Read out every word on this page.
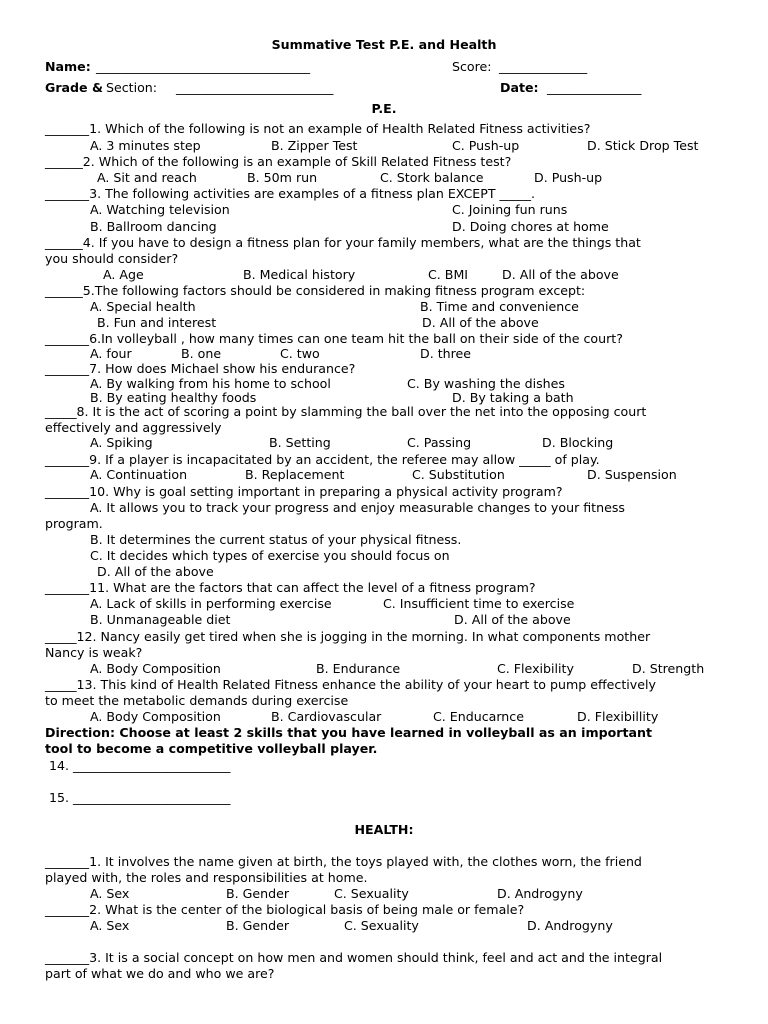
Summative Test P.E. and Health
Name: __________________________________	Score: ______________
Grade & Section: _________________________	Date: _______________
P.E.
_______1. Which of the following is not an example of Health Related Fitness activities?
A. 3 minutes step	B. Zipper Test	C. Push-up	D. Stick Drop Test
______2. Which of the following is an example of Skill Related Fitness test?
A. Sit and reach	B. 50m run	C. Stork balance	D. Push-up
_______3. The following activities are examples of a fitness plan EXCEPT _____.
A. Watching television	C. Joining fun runs
B. Ballroom dancing	D. Doing chores at home
______4. If you have to design a fitness plan for your family members, what are the things that
you should consider?
A. Age	B. Medical history	C. BMI	D. All of the above
______5.The following factors should be considered in making fitness program except:
A. Special health	B. Time and convenience
B. Fun and interest	D. All of the above
_______6.In volleyball , how many times can one team hit the ball on their side of the court?
A. four	B. one	C. two	D. three
_______7. How does Michael show his endurance?
A. By walking from his home to school	C. By washing the dishes
B. By eating healthy foods	D. By taking a bath
_____8. It is the act of scoring a point by slamming the ball over the net into the opposing court
effectively and aggressively
A. Spiking	B. Setting	C. Passing	D. Blocking
_______9. If a player is incapacitated by an accident, the referee may allow _____ of play.
A. Continuation	B. Replacement	C. Substitution	D. Suspension
_______10. Why is goal setting important in preparing a physical activity program?
A. It allows you to track your progress and enjoy measurable changes to your fitness
program.
B. It determines the current status of your physical fitness.
C. It decides which types of exercise you should focus on
D. All of the above
_______11. What are the factors that can affect the level of a fitness program?
A. Lack of skills in performing exercise	C. Insufficient time to exercise
B. Unmanageable diet	D. All of the above
_____12. Nancy easily get tired when she is jogging in the morning. In what components mother
Nancy is weak?
A. Body Composition	B. Endurance	C. Flexibility	D. Strength
_____13. This kind of Health Related Fitness enhance the ability of your heart to pump effectively
to meet the metabolic demands during exercise
A. Body Composition	B. Cardiovascular	C. Enducarnce	D. Flexibillity
Direction: Choose at least 2 skills that you have learned in volleyball as an important
tool to become a competitive volleyball player.
14. _________________________
15. _________________________
HEALTH:
_______1. It involves the name given at birth, the toys played with, the clothes worn, the friend
played with, the roles and responsibilities at home.
A. Sex	B. Gender	C. Sexuality	D. Androgyny
_______2. What is the center of the biological basis of being male or female?
A. Sex	B. Gender	C. Sexuality	D. Androgyny
_______3. It is a social concept on how men and women should think, feel and act and the integral
part of what we do and who we are?
